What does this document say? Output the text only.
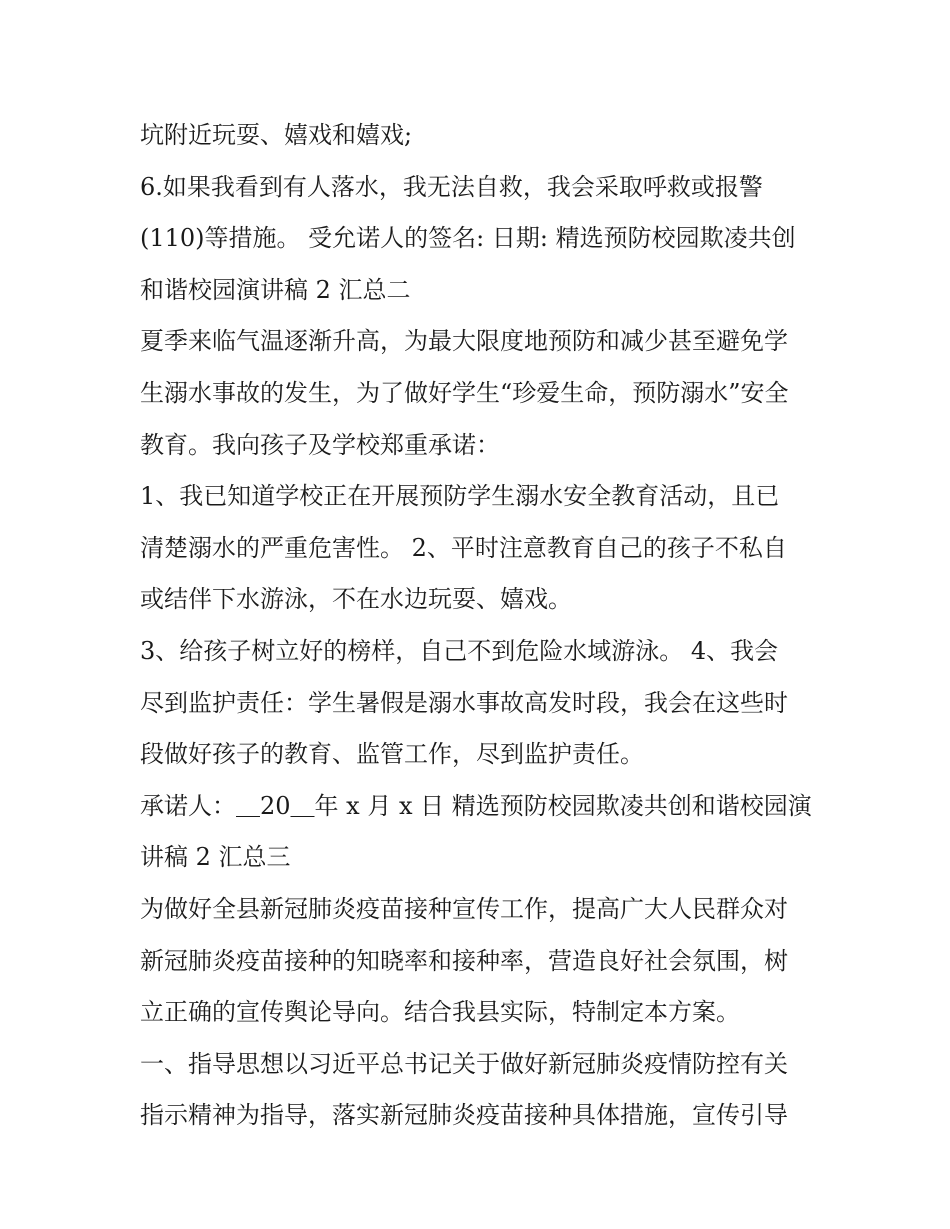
坑附近玩耍、嬉戏和嬉戏;
6.如果我看到有人落水，我无法自救，我会采取呼救或报警
(110)等措施。 受允诺人的签名: 日期: 精选预防校园欺凌共创
和谐校园演讲稿 2 汇总二
夏季来临气温逐渐升高，为最大限度地预防和减少甚至避免学
生溺水事故的发生，为了做好学生“珍爱生命，预防溺水”安全
教育。我向孩子及学校郑重承诺：
1、我已知道学校正在开展预防学生溺水安全教育活动，且已
清楚溺水的严重危害性。 2、平时注意教育自己的孩子不私自
或结伴下水游泳，不在水边玩耍、嬉戏。
3、给孩子树立好的榜样，自己不到危险水域游泳。 4、我会
尽到监护责任：学生暑假是溺水事故高发时段，我会在这些时
段做好孩子的教育、监管工作，尽到监护责任。
承诺人：＿20＿年 x 月 x 日 精选预防校园欺凌共创和谐校园演
讲稿 2 汇总三
为做好全县新冠肺炎疫苗接种宣传工作，提高广大人民群众对
新冠肺炎疫苗接种的知晓率和接种率，营造良好社会氛围，树
立正确的宣传舆论导向。结合我县实际，特制定本方案。
一、指导思想以习近平总书记关于做好新冠肺炎疫情防控有关
指示精神为指导，落实新冠肺炎疫苗接种具体措施，宣传引导
